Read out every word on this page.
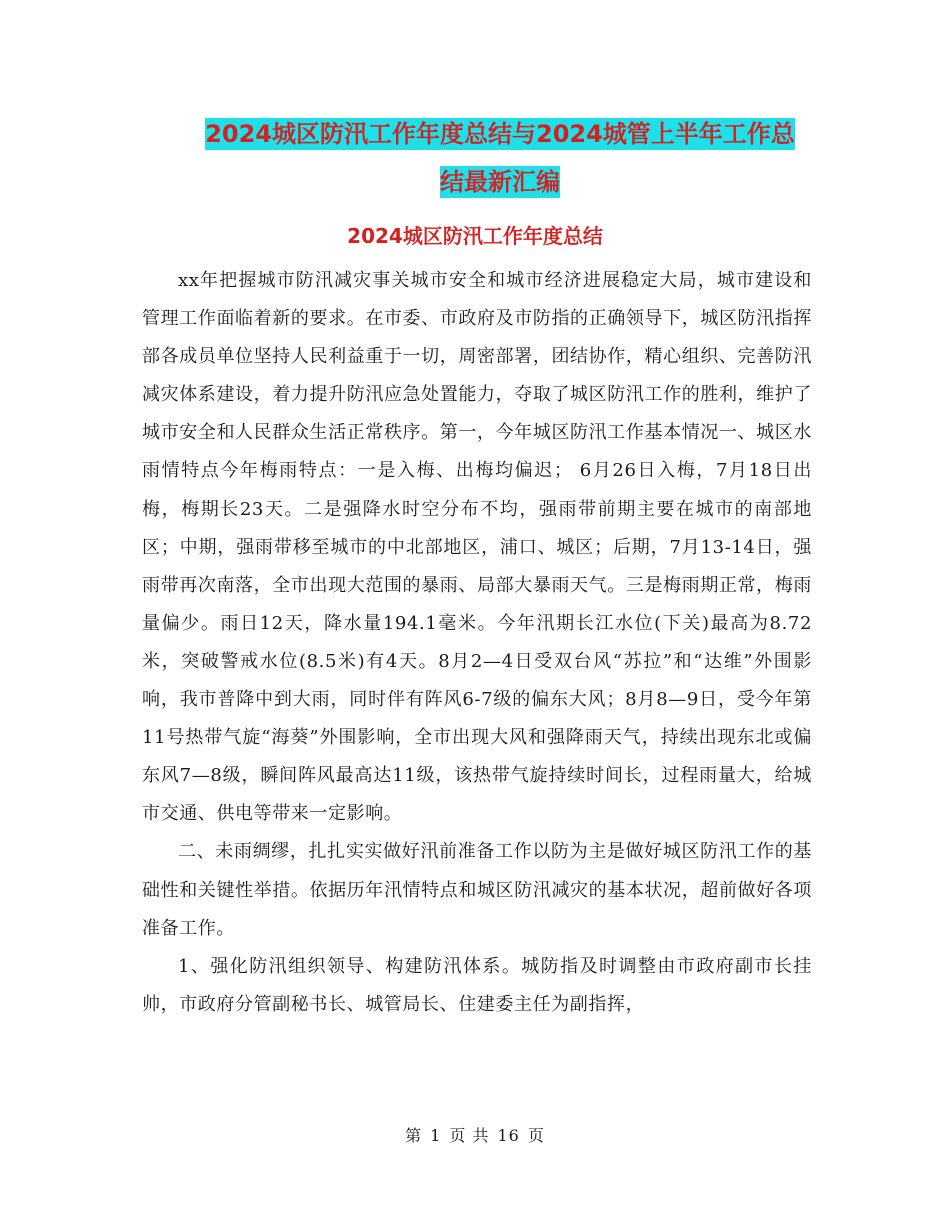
2024城区防汛工作年度总结与2024城管上半年工作总
结最新汇编
2024城区防汛工作年度总结

xx年把握城市防汛减灾事关城市安全和城市经济进展稳定大局，城市建设和管理工作面临着新的要求。在市委、市政府及市防指的正确领导下，城区防汛指挥部各成员单位坚持人民利益重于一切，周密部署，团结协作，精心组织、完善防汛减灾体系建设，着力提升防汛应急处置能力，夺取了城区防汛工作的胜利，维护了城市安全和人民群众生活正常秩序。第一，今年城区防汛工作基本情况一、城区水雨情特点今年梅雨特点：一是入梅、出梅均偏迟； 6月26日入梅，7月18日出梅，梅期长23天。二是强降水时空分布不均，强雨带前期主要在城市的南部地区；中期，强雨带移至城市的中北部地区，浦口、城区；后期，7月13-14日，强雨带再次南落，全市出现大范围的暴雨、局部大暴雨天气。三是梅雨期正常，梅雨量偏少。雨日12天，降水量194.1毫米。今年汛期长江水位(下关)最高为8.72米，突破警戒水位(8.5米)有4天。8月2—4日受双台风“苏拉”和“达维”外围影响，我市普降中到大雨，同时伴有阵风6-7级的偏东大风；8月8—9日，受今年第11号热带气旋“海葵”外围影响，全市出现大风和强降雨天气，持续出现东北或偏东风7—8级，瞬间阵风最高达11级，该热带气旋持续时间长，过程雨量大，给城市交通、供电等带来一定影响。

二、未雨绸缪，扎扎实实做好汛前准备工作以防为主是做好城区防汛工作的基础性和关键性举措。依据历年汛情特点和城区防汛减灾的基本状况，超前做好各项准备工作。

1、强化防汛组织领导、构建防汛体系。城防指及时调整由市政府副市长挂帅，市政府分管副秘书长、城管局长、住建委主任为副指挥，

第 1 页 共 16 页
